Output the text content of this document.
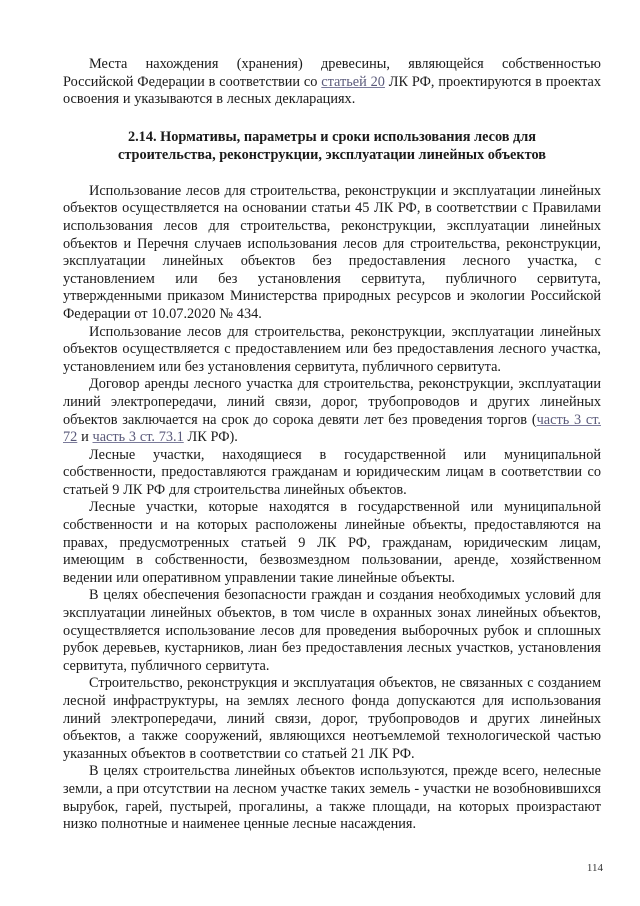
Места нахождения (хранения) древесины, являющейся собственностью Российской Федерации в соответствии со статьей 20 ЛК РФ, проектируются в проектах освоения и указываются в лесных декларациях.

2.14. Нормативы, параметры и сроки использования лесов для строительства, реконструкции, эксплуатации линейных объектов

Использование лесов для строительства, реконструкции и эксплуатации линейных объектов осуществляется на основании статьи 45 ЛК РФ, в соответствии с Правилами использования лесов для строительства, реконструкции, эксплуатации линейных объектов и Перечня случаев использования лесов для строительства, реконструкции, эксплуатации линейных объектов без предоставления лесного участка, с установлением или без установления сервитута, публичного сервитута, утвержденными приказом Министерства природных ресурсов и экологии Российской Федерации от 10.07.2020 № 434.

Использование лесов для строительства, реконструкции, эксплуатации линейных объектов осуществляется с предоставлением или без предоставления лесного участка, установлением или без установления сервитута, публичного сервитута.

Договор аренды лесного участка для строительства, реконструкции, эксплуатации линий электропередачи, линий связи, дорог, трубопроводов и других линейных объектов заключается на срок до сорока девяти лет без проведения торгов (часть 3 ст. 72 и часть 3 ст. 73.1 ЛК РФ).

Лесные участки, находящиеся в государственной или муниципальной собственности, предоставляются гражданам и юридическим лицам в соответствии со статьей 9 ЛК РФ для строительства линейных объектов.

Лесные участки, которые находятся в государственной или муниципальной собственности и на которых расположены линейные объекты, предоставляются на правах, предусмотренных статьей 9 ЛК РФ, гражданам, юридическим лицам, имеющим в собственности, безвозмездном пользовании, аренде, хозяйственном ведении или оперативном управлении такие линейные объекты.

В целях обеспечения безопасности граждан и создания необходимых условий для эксплуатации линейных объектов, в том числе в охранных зонах линейных объектов, осуществляется использование лесов для проведения выборочных рубок и сплошных рубок деревьев, кустарников, лиан без предоставления лесных участков, установления сервитута, публичного сервитута.

Строительство, реконструкция и эксплуатация объектов, не связанных с созданием лесной инфраструктуры, на землях лесного фонда допускаются для использования линий электропередачи, линий связи, дорог, трубопроводов и других линейных объектов, а также сооружений, являющихся неотъемлемой технологической частью указанных объектов в соответствии со статьей 21 ЛК РФ.

В целях строительства линейных объектов используются, прежде всего, нелесные земли, а при отсутствии на лесном участке таких земель - участки не возобновившихся вырубок, гарей, пустырей, прогалины, а также площади, на которых произрастают низко полнотные и наименее ценные лесные насаждения.

114
